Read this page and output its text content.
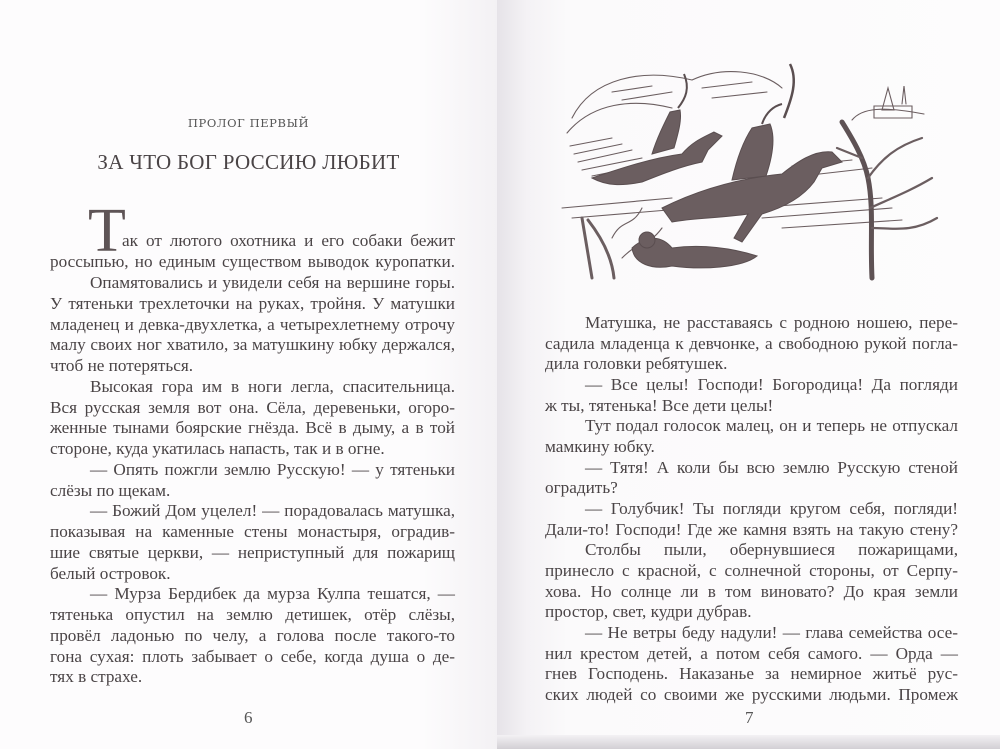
ПРОЛОГ ПЕРВЫЙ
ЗА ЧТО БОГ РОССИЮ ЛЮБИТ
Т
ак от лютого охотника и его собаки бежит
россыпью, но единым существом выводок куропатки.
Опамятовались и увидели себя на вершине горы.
У тятеньки трехлеточки на руках, тройня. У матушки
младенец и девка-двухлетка, а четырехлетнему отрочу
малу своих ног хватило, за матушкину юбку держался,
чтоб не потеряться.
Высокая гора им в ноги легла, спасительница.
Вся русская земля вот она. Сёла, деревеньки, огоро-
женные тынами боярские гнёзда. Всё в дыму, а в той
стороне, куда укатилась напасть, так и в огне.
— Опять пожгли землю Русскую! — у тятеньки
слёзы по щекам.
— Божий Дом уцелел! — порадовалась матушка,
показывая на каменные стены монастыря, оградив-
шие святые церкви, — неприступный для пожарищ
белый островок.
— Мурза Бердибек да мурза Кулпа тешатся, —
тятенька опустил на землю детишек, отёр слёзы,
провёл ладонью по челу, а голова после такого-то
гона сухая: плоть забывает о себе, когда душа о де-
тях в страхе.
6
Матушка, не расставаясь с родною ношею, пере-
садила младенца к девчонке, а свободною рукой погла-
дила головки ребятушек.
— Все целы! Господи! Богородица! Да погляди
ж ты, тятенька! Все дети целы!
Тут подал голосок малец, он и теперь не отпускал
мамкину юбку.
— Тятя! А коли бы всю землю Русскую стеной
оградить?
— Голубчик! Ты погляди кругом себя, погляди!
Дали-то! Господи! Где же камня взять на такую стену?
Столбы пыли, обернувшиеся пожарищами,
принесло с красной, с солнечной стороны, от Серпу-
хова. Но солнце ли в том виновато? До края земли
простор, свет, кудри дубрав.
— Не ветры беду надули! — глава семейства осе-
нил крестом детей, а потом себя самого. — Орда —
гнев Господень. Наказанье за немирное житьё рус-
ских людей со своими же русскими людьми. Промеж
7
